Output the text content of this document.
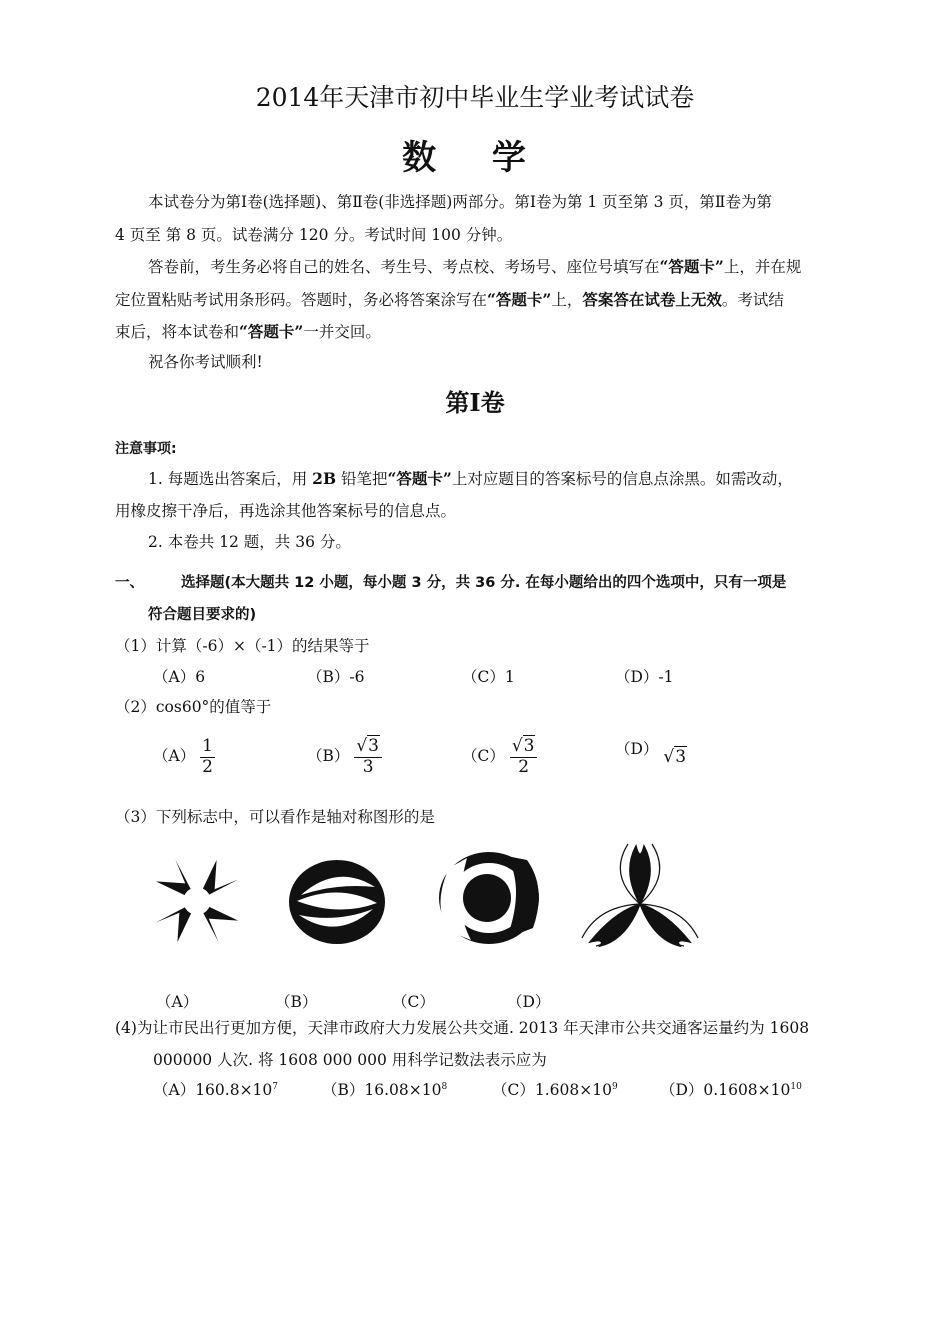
2014年天津市初中毕业生学业考试试卷
数 学
本试卷分为第Ⅰ卷(选择题)、第Ⅱ卷(非选择题)两部分。第Ⅰ卷为第 1 页至第 3 页，第Ⅱ卷为第
4 页至 第 8 页。试卷满分 120 分。考试时间 100 分钟。
答卷前，考生务必将自己的姓名、考生号、考点校、考场号、座位号填写在“答题卡”上，并在规
定位置粘贴考试用条形码。答题时，务必将答案涂写在“答题卡”上，答案答在试卷上无效。考试结
束后，将本试卷和“答题卡”一并交回。
祝各你考试顺利!
第Ⅰ卷
注意事项:
1. 每题选出答案后，用 2B 铅笔把“答题卡”上对应题目的答案标号的信息点涂黑。如需改动，
用橡皮擦干净后，再选涂其他答案标号的信息点。
2. 本卷共 12 题，共 36 分。
一、	选择题(本大题共 12 小题，每小题 3 分，共 36 分. 在每小题给出的四个选项中，只有一项是
符合题目要求的)
（1）计算（-6）×（-1）的结果等于
（A）6	（B）-6	（C）1	（D）-1
（2）cos60°的值等于
$(A) \frac{1}{2}$	$(B) \frac{√3}{3}$	$(C) \frac{√3}{2}$	（D） √3
（3）下列标志中，可以看作是轴对称图形的是
（A）	（B）	（C）	（D）
(4)为让市民出行更加方便，天津市政府大力发展公共交通. 2013 年天津市公共交通客运量约为 1608
000000 人次. 将 1608 000 000 用科学记数法表示应为
$(A)160.8\times 10^7$	$(B)16.08\times 10^8$	$(C)1.608\times 10^9$	$(D)0.1608\times 10^{10}$
